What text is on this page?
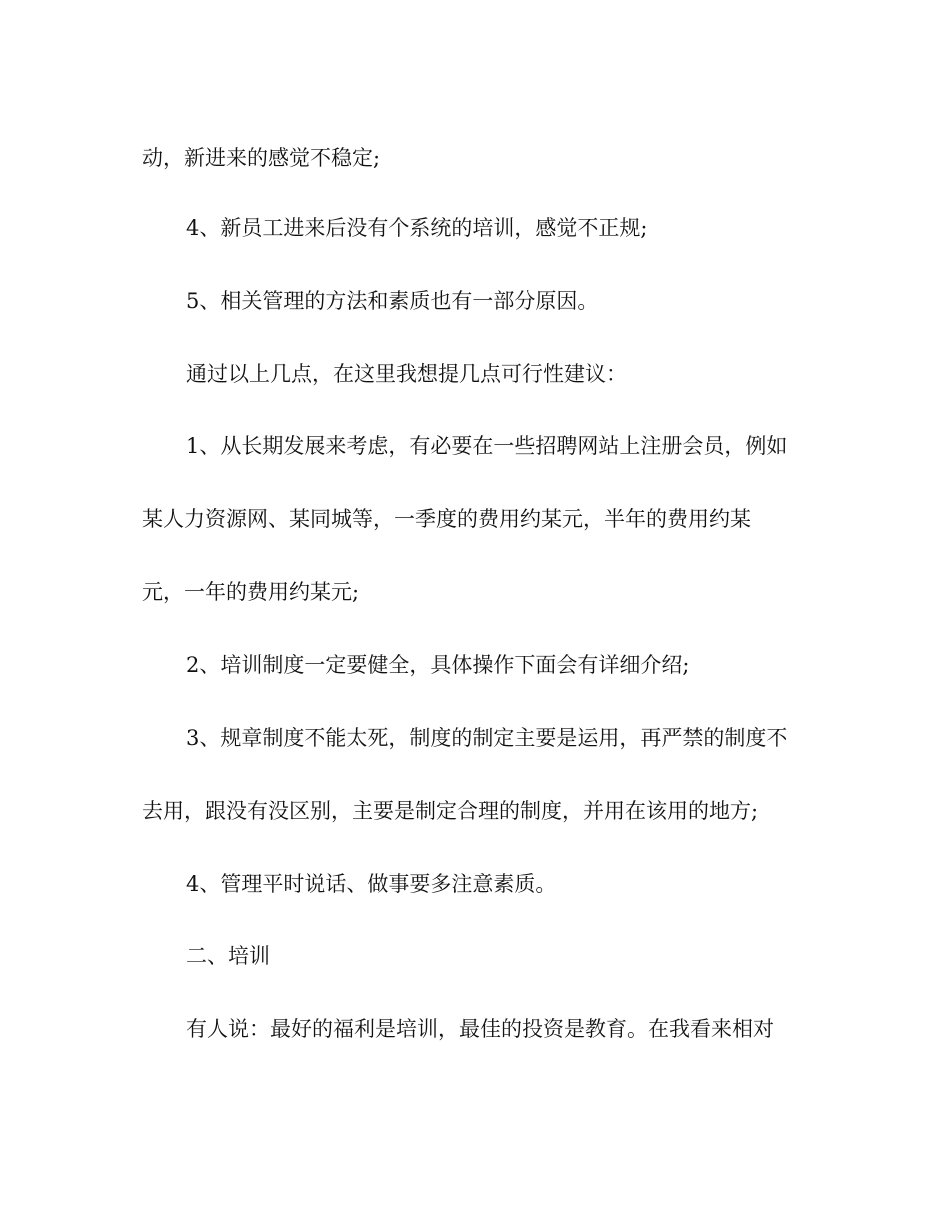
动，新进来的感觉不稳定;

4、新员工进来后没有个系统的培训，感觉不正规;

5、相关管理的方法和素质也有一部分原因。

通过以上几点，在这里我想提几点可行性建议：

1、从长期发展来考虑，有必要在一些招聘网站上注册会员，例如

某人力资源网、某同城等，一季度的费用约某元，半年的费用约某

元，一年的费用约某元;

2、培训制度一定要健全，具体操作下面会有详细介绍;

3、规章制度不能太死，制度的制定主要是运用，再严禁的制度不

去用，跟没有没区别，主要是制定合理的制度，并用在该用的地方;

4、管理平时说话、做事要多注意素质。

二、培训

有人说：最好的福利是培训，最佳的投资是教育。在我看来相对
